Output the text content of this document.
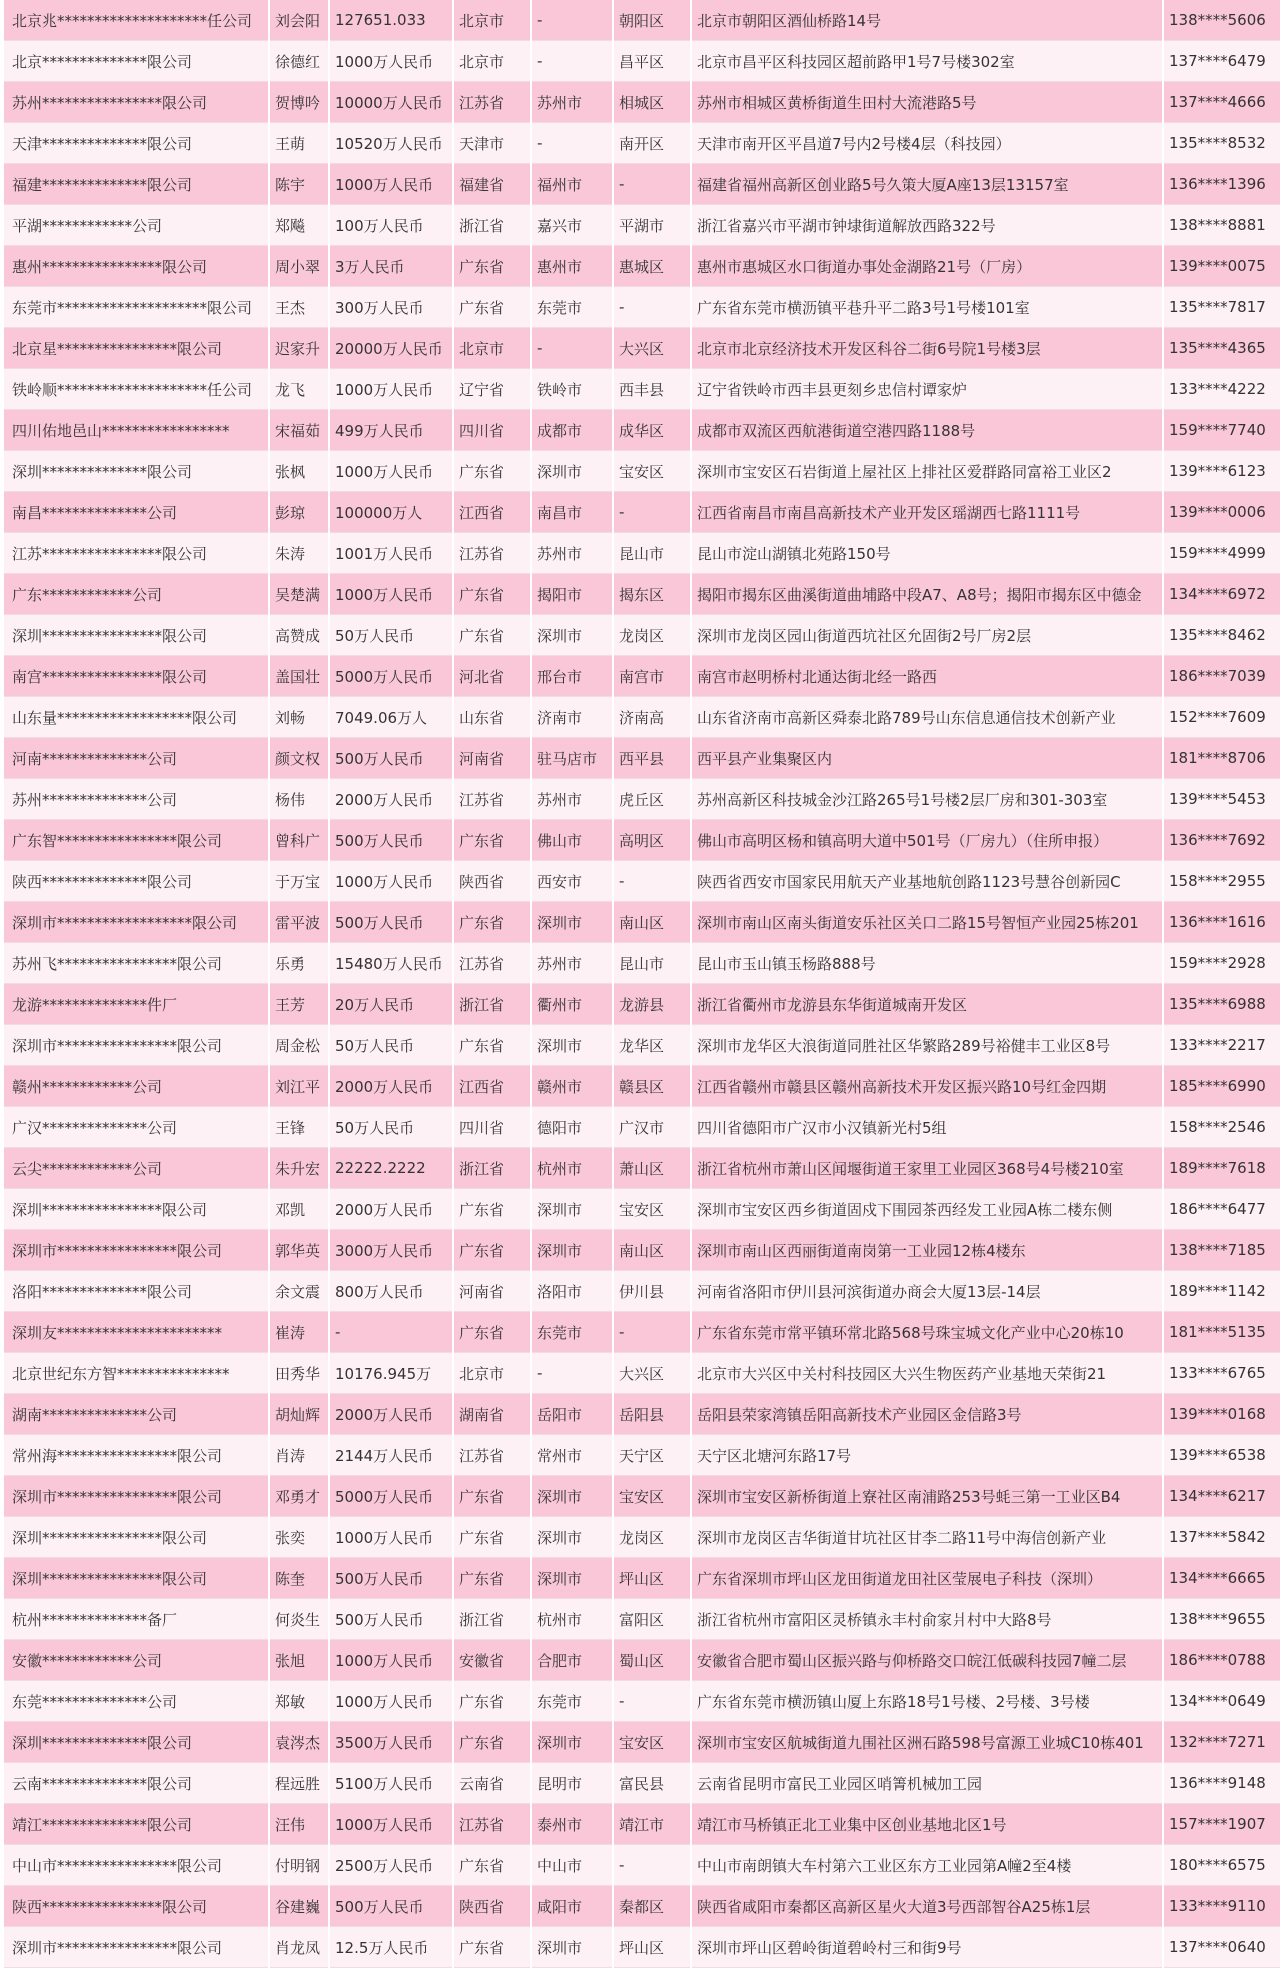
北京兆********************任公司	刘会阳	127651.033	北京市	-	朝阳区	北京市朝阳区酒仙桥路14号	138****5606
北京**************限公司	徐德红	1000万人民币	北京市	-	昌平区	北京市昌平区科技园区超前路甲1号7号楼302室	137****6479
苏州****************限公司	贺博吟	10000万人民币	江苏省	苏州市	相城区	苏州市相城区黄桥街道生田村大流港路5号	137****4666
天津**************限公司	王萌	10520万人民币	天津市	-	南开区	天津市南开区平昌道7号内2号楼4层（科技园）	135****8532
福建**************限公司	陈宇	1000万人民币	福建省	福州市	-	福建省福州高新区创业路5号久策大厦A座13层13157室	136****1396
平湖************公司	郑飚	100万人民币	浙江省	嘉兴市	平湖市	浙江省嘉兴市平湖市钟埭街道解放西路322号	138****8881
惠州****************限公司	周小翠	3万人民币	广东省	惠州市	惠城区	惠州市惠城区水口街道办事处金湖路21号（厂房）	139****0075
东莞市********************限公司	王杰	300万人民币	广东省	东莞市	-	广东省东莞市横沥镇平巷升平二路3号1号楼101室	135****7817
北京星****************限公司	迟家升	20000万人民币	北京市	-	大兴区	北京市北京经济技术开发区科谷二街6号院1号楼3层	135****4365
铁岭顺********************任公司	龙飞	1000万人民币	辽宁省	铁岭市	西丰县	辽宁省铁岭市西丰县更刻乡忠信村谭家炉	133****4222
四川佑地邑山*****************	宋福茹	499万人民币	四川省	成都市	成华区	成都市双流区西航港街道空港四路1188号	159****7740
深圳**************限公司	张枫	1000万人民币	广东省	深圳市	宝安区	深圳市宝安区石岩街道上屋社区上排社区爱群路同富裕工业区2	139****6123
南昌**************公司	彭琼	100000万人	江西省	南昌市	-	江西省南昌市南昌高新技术产业开发区瑶湖西七路1111号	139****0006
江苏****************限公司	朱涛	1001万人民币	江苏省	苏州市	昆山市	昆山市淀山湖镇北苑路150号	159****4999
广东************公司	吴楚满	1000万人民币	广东省	揭阳市	揭东区	揭阳市揭东区曲溪街道曲埔路中段A7、A8号；揭阳市揭东区中德金	134****6972
深圳****************限公司	高赞成	50万人民币	广东省	深圳市	龙岗区	深圳市龙岗区园山街道西坑社区允固街2号厂房2层	135****8462
南宫****************限公司	盖国壮	5000万人民币	河北省	邢台市	南宫市	南宫市赵明桥村北通达街北经一路西	186****7039
山东量******************限公司	刘畅	7049.06万人	山东省	济南市	济南高	山东省济南市高新区舜泰北路789号山东信息通信技术创新产业	152****7609
河南**************公司	颜文权	500万人民币	河南省	驻马店市	西平县	西平县产业集聚区内	181****8706
苏州**************公司	杨伟	2000万人民币	江苏省	苏州市	虎丘区	苏州高新区科技城金沙江路265号1号楼2层厂房和301-303室	139****5453
广东智****************限公司	曾科广	500万人民币	广东省	佛山市	高明区	佛山市高明区杨和镇高明大道中501号（厂房九）（住所申报）	136****7692
陕西**************限公司	于万宝	1000万人民币	陕西省	西安市	-	陕西省西安市国家民用航天产业基地航创路1123号慧谷创新园C	158****2955
深圳市******************限公司	雷平波	500万人民币	广东省	深圳市	南山区	深圳市南山区南头街道安乐社区关口二路15号智恒产业园25栋201	136****1616
苏州飞****************限公司	乐勇	15480万人民币	江苏省	苏州市	昆山市	昆山市玉山镇玉杨路888号	159****2928
龙游**************件厂	王芳	20万人民币	浙江省	衢州市	龙游县	浙江省衢州市龙游县东华街道城南开发区	135****6988
深圳市****************限公司	周金松	50万人民币	广东省	深圳市	龙华区	深圳市龙华区大浪街道同胜社区华繁路289号裕健丰工业区8号	133****2217
赣州************公司	刘江平	2000万人民币	江西省	赣州市	赣县区	江西省赣州市赣县区赣州高新技术开发区振兴路10号红金四期	185****6990
广汉**************公司	王锋	50万人民币	四川省	德阳市	广汉市	四川省德阳市广汉市小汉镇新光村5组	158****2546
云尖************公司	朱升宏	22222.2222	浙江省	杭州市	萧山区	浙江省杭州市萧山区闻堰街道王家里工业园区368号4号楼210室	189****7618
深圳****************限公司	邓凯	2000万人民币	广东省	深圳市	宝安区	深圳市宝安区西乡街道固戍下围园茶西经发工业园A栋二楼东侧	186****6477
深圳市****************限公司	郭华英	3000万人民币	广东省	深圳市	南山区	深圳市南山区西丽街道南岗第一工业园12栋4楼东	138****7185
洛阳**************限公司	余文震	800万人民币	河南省	洛阳市	伊川县	河南省洛阳市伊川县河滨街道办商会大厦13层-14层	189****1142
深圳友**********************	崔涛	-	广东省	东莞市	-	广东省东莞市常平镇环常北路568号珠宝城文化产业中心20栋10	181****5135
北京世纪东方智***************	田秀华	10176.945万	北京市	-	大兴区	北京市大兴区中关村科技园区大兴生物医药产业基地天荣街21	133****6765
湖南**************公司	胡灿辉	2000万人民币	湖南省	岳阳市	岳阳县	岳阳县荣家湾镇岳阳高新技术产业园区金信路3号	139****0168
常州海****************限公司	肖涛	2144万人民币	江苏省	常州市	天宁区	天宁区北塘河东路17号	139****6538
深圳市****************限公司	邓勇才	5000万人民币	广东省	深圳市	宝安区	深圳市宝安区新桥街道上寮社区南浦路253号蚝三第一工业区B4	134****6217
深圳****************限公司	张奕	1000万人民币	广东省	深圳市	龙岗区	深圳市龙岗区吉华街道甘坑社区甘李二路11号中海信创新产业	137****5842
深圳****************限公司	陈奎	500万人民币	广东省	深圳市	坪山区	广东省深圳市坪山区龙田街道龙田社区莹展电子科技（深圳）	134****6665
杭州**************备厂	何炎生	500万人民币	浙江省	杭州市	富阳区	浙江省杭州市富阳区灵桥镇永丰村俞家爿村中大路8号	138****9655
安徽************公司	张旭	1000万人民币	安徽省	合肥市	蜀山区	安徽省合肥市蜀山区振兴路与仰桥路交口皖江低碳科技园7幢二层	186****0788
东莞**************公司	郑敏	1000万人民币	广东省	东莞市	-	广东省东莞市横沥镇山厦上东路18号1号楼、2号楼、3号楼	134****0649
深圳**************限公司	袁涔杰	3500万人民币	广东省	深圳市	宝安区	深圳市宝安区航城街道九围社区洲石路598号富源工业城C10栋401	132****7271
云南**************限公司	程远胜	5100万人民币	云南省	昆明市	富民县	云南省昆明市富民工业园区哨箐机械加工园	136****9148
靖江**************限公司	汪伟	1000万人民币	江苏省	泰州市	靖江市	靖江市马桥镇正北工业集中区创业基地北区1号	157****1907
中山市****************限公司	付明钢	2500万人民币	广东省	中山市	-	中山市南朗镇大车村第六工业区东方工业园第A幢2至4楼	180****6575
陕西****************限公司	谷建巍	500万人民币	陕西省	咸阳市	秦都区	陕西省咸阳市秦都区高新区星火大道3号西部智谷A25栋1层	133****9110
深圳市****************限公司	肖龙凤	12.5万人民币	广东省	深圳市	坪山区	深圳市坪山区碧岭街道碧岭村三和街9号	137****0640
